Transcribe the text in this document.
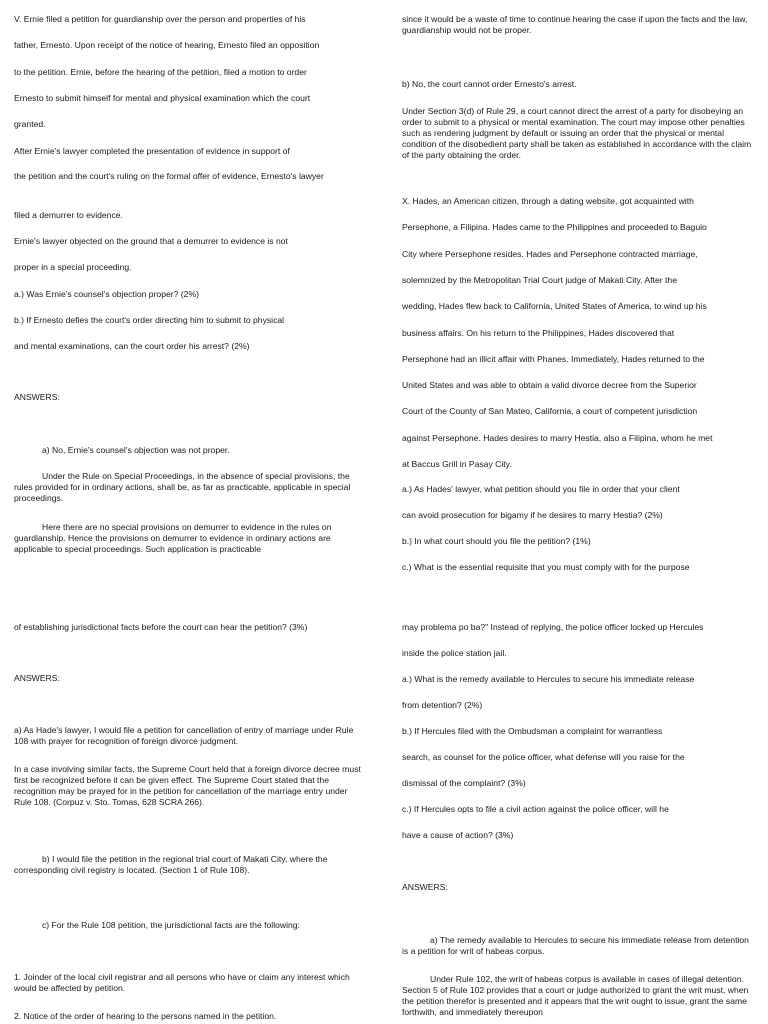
V. Ernie filed a petition for guardianship over the person and properties of his
father, Ernesto. Upon receipt of the notice of hearing, Ernesto filed an opposition
to the petition. Ernie, before the hearing of the petition, filed a motion to order
Ernesto to submit himself for mental and physical examination which the court
granted.
After Ernie's lawyer completed the presentation of evidence in support of
the petition and the court's ruling on the formal offer of evidence, Ernesto's lawyer
filed a demurrer to evidence.
Ernie's lawyer objected on the ground that a demurrer to evidence is not
proper in a special proceeding.
a.) Was Ernie's counsel's objection proper? (2%)
b.) If Ernesto defies the court's order directing him to submit to physical
and mental examinations, can the court order his arrest? (2%)
ANSWERS:
a) No, Ernie's counsel's objection was not proper.
Under the Rule on Special Proceedings, in the absence of special provisions, the rules provided for in ordinary actions, shall be, as far as practicable, applicable in special proceedings.
Here there are no special provisions on demurrer to evidence in the rules on guardianship. Hence the provisions on demurrer to evidence in ordinary actions are applicable to special proceedings. Such application is practicable
since it would be a waste of time to continue hearing the case if upon the facts and the law, guardianship would not be proper.
b) No, the court cannot order Ernesto's arrest.
Under Section 3(d) of Rule 29, a court cannot direct the arrest of a party for disobeying an order to submit to a physical or mental examination. The court may impose other penalties such as rendering judgment by default or issuing an order that the physical or mental condition of the disobedient party shall be taken as established in accordance with the claim of the party obtaining the order.
X. Hades, an American citizen, through a dating website, got acquainted with
Persephone, a Filipina. Hades came to the Philippines and proceeded to Baguio
City where Persephone resides. Hades and Persephone contracted marriage,
solemnized by the Metropolitan Trial Court judge of Makati City. After the
wedding, Hades flew back to California, United States of America, to wind up his
business affairs. On his return to the Philippines, Hades discovered that
Persephone had an illicit affair with Phanes. Immediately, Hades returned to the
United States and was able to obtain a valid divorce decree from the Superior
Court of the County of San Mateo, California, a court of competent jurisdiction
against Persephone. Hades desires to marry Hestia, also a Filipina, whom he met
at Baccus Grill in Pasay City.
a.) As Hades' lawyer, what petition should you file in order that your client
can avoid prosecution for bigamy if he desires to marry Hestia? (2%)
b.) In what court should you file the petition? (1%)
c.) What is the essential requisite that you must comply with for the purpose
of establishing jurisdictional facts before the court can hear the petition? (3%)
ANSWERS:
a) As Hade's lawyer, I would file a petition for cancellation of entry of marriage under Rule 108 with prayer for recognition of foreign divorce judgment.
In a case involving similar facts, the Supreme Court held that a foreign divorce decree must first be recognized before it can be given effect. The Supreme Court stated that the recognition may be prayed for in the petition for cancellation of the marriage entry under Rule 108. (Corpuz v. Sto. Tomas, 628 SCRA 266).
b) I would file the petition in the regional trial court of Makati City, where the corresponding civil registry is located. (Section 1 of Rule 108).
c) For the Rule 108 petition, the jurisdictional facts are the following:
1. Joinder of the local civil registrar and all persons who have or claim any interest which would be affected by petition.
2. Notice of the order of hearing to the persons named in the petition.
may problema po ba?" Instead of replying, the police officer locked up Hercules
inside the police station jail.
a.) What is the remedy available to Hercules to secure his immediate release
from detention? (2%)
b.) If Hercules filed with the Ombudsman a complaint for warrantless
search, as counsel for the police officer, what defense will you raise for the
dismissal of the complaint? (3%)
c.) If Hercules opts to file a civil action against the police officer, will he
have a cause of action? (3%)
ANSWERS:
a) The remedy available to Hercules to secure his immediate release from detention is a petition for writ of habeas corpus.
Under Rule 102, the writ of habeas corpus is available in cases of illegal detention. Section 5 of Rule 102 provides that a court or judge authorized to grant the writ must, when the petition therefor is presented and it appears that the writ ought to issue, grant the same forthwith, and immediately thereupon
